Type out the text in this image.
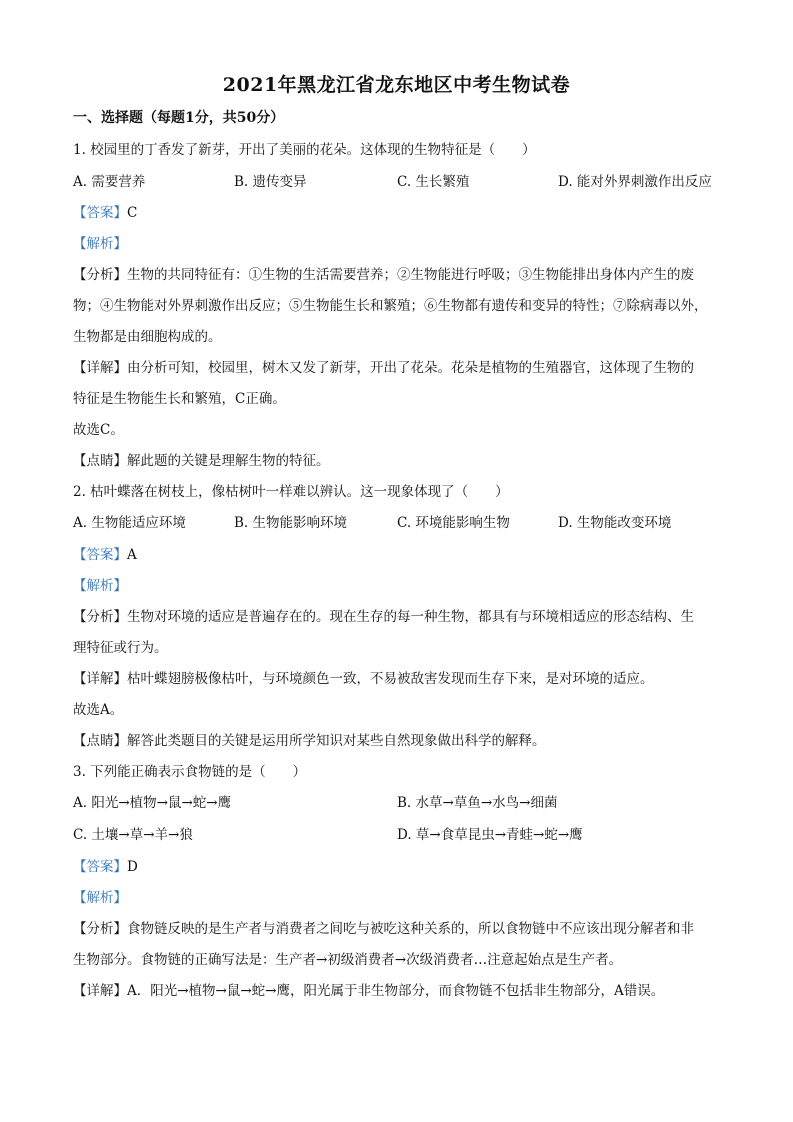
2021年黑龙江省龙东地区中考生物试卷
一、选择题（每题1分，共50分）
1. 校园里的丁香发了新芽，开出了美丽的花朵。这体现的生物特征是（　　）
A. 需要营养	B. 遗传变异	C. 生长繁殖	D. 能对外界刺激作出反应
【答案】C
【解析】
【分析】生物的共同特征有：①生物的生活需要营养；②生物能进行呼吸；③生物能排出身体内产生的废
物；④生物能对外界刺激作出反应；⑤生物能生长和繁殖；⑥生物都有遗传和变异的特性；⑦除病毒以外，
生物都是由细胞构成的。
【详解】由分析可知，校园里，树木又发了新芽，开出了花朵。花朵是植物的生殖器官，这体现了生物的
特征是生物能生长和繁殖，C正确。
故选C。
【点睛】解此题的关键是理解生物的特征。
2. 枯叶蝶落在树枝上，像枯树叶一样难以辨认。这一现象体现了（　　）
A. 生物能适应环境	B. 生物能影响环境	C. 环境能影响生物	D. 生物能改变环境
【答案】A
【解析】
【分析】生物对环境的适应是普遍存在的。现在生存的每一种生物，都具有与环境相适应的形态结构、生
理特征或行为。
【详解】枯叶蝶翅膀极像枯叶，与环境颜色一致，不易被敌害发现而生存下来，是对环境的适应。
故选A。
【点睛】解答此类题目的关键是运用所学知识对某些自然现象做出科学的解释。
3. 下列能正确表示食物链的是（　　）
A. 阳光→植物→鼠→蛇→鹰	B. 水草→草鱼→水鸟→细菌
C. 土壤→草→羊→狼	D. 草→食草昆虫→青蛙→蛇→鹰
【答案】D
【解析】
【分析】食物链反映的是生产者与消费者之间吃与被吃这种关系的，所以食物链中不应该出现分解者和非
生物部分。食物链的正确写法是：生产者→初级消费者→次级消费者…注意起始点是生产者。
【详解】A．阳光→植物→鼠→蛇→鹰，阳光属于非生物部分，而食物链不包括非生物部分，A错误。
